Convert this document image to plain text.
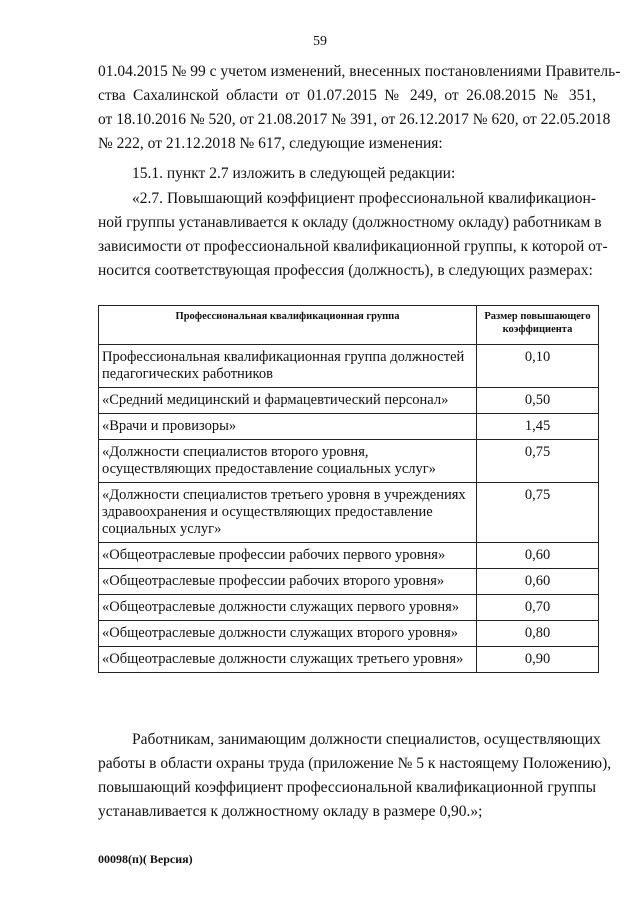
59
01.04.2015 № 99 с учетом изменений, внесенных постановлениями Правитель-
ства Сахалинской области от 01.07.2015 № 249, от 26.08.2015 № 351,
от 18.10.2016 № 520, от 21.08.2017 № 391, от 26.12.2017 № 620, от 22.05.2018
№ 222, от 21.12.2018 № 617, следующие изменения:
15.1. пункт 2.7 изложить в следующей редакции:
«2.7. Повышающий коэффициент профессиональной квалификацион-
ной группы устанавливается к окладу (должностному окладу) работникам в
зависимости от профессиональной квалификационной группы, к которой от-
носится соответствующая профессия (должность), в следующих размерах:
Профессиональная квалификационная группа	Размер повышающего коэффициента
Профессиональная квалификационная группа должностей педагогических работников	0,10
«Средний медицинский и фармацевтический персонал»	0,50
«Врачи и провизоры»	1,45
«Должности специалистов второго уровня, осуществляющих предоставление социальных услуг»	0,75
«Должности специалистов третьего уровня в учреждениях здравоохранения и осуществляющих предоставление социальных услуг»	0,75
«Общеотраслевые профессии рабочих первого уровня»	0,60
«Общеотраслевые профессии рабочих второго уровня»	0,60
«Общеотраслевые должности служащих первого уровня»	0,70
«Общеотраслевые должности служащих второго уровня»	0,80
«Общеотраслевые должности служащих третьего уровня»	0,90
Работникам, занимающим должности специалистов, осуществляющих
работы в области охраны труда (приложение № 5 к настоящему Положению),
повышающий коэффициент профессиональной квалификационной группы
устанавливается к должностному окладу в размере 0,90.»;
00098(п)( Версия)
